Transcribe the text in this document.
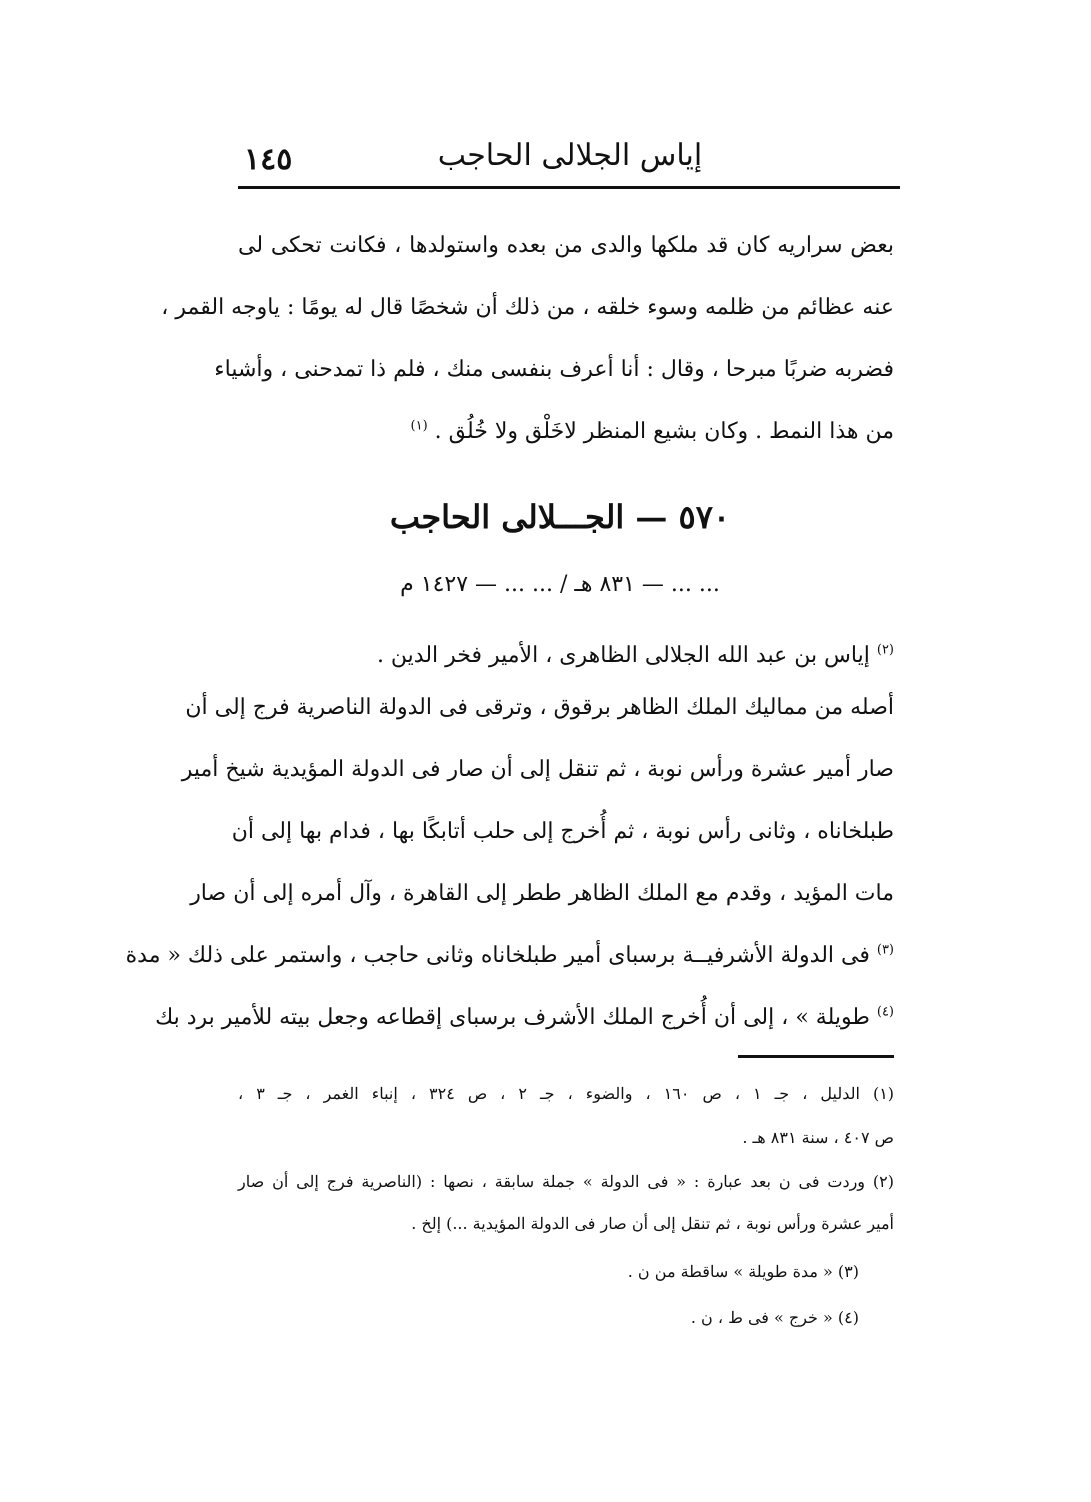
إياس الجلالى الحاجب
١٤٥
بعض سراريه كان قد ملكها والدى من بعده واستولدها ، فكانت تحكى لى
عنه عظائم من ظلمه وسوء خلقه ، من ذلك أن شخصًا قال له يومًا : ياوجه القمر ،
فضربه ضربًا مبرحا ، وقال : أنا أعرف بنفسى منك ، فلم ذا تمدحنى ، وأشياء
من هذا النمط . وكان بشيع المنظر لاخَلْق ولا خُلُق . $^{(١)}$
٥٧٠ — الجـــلالى الحاجب
... ... — ٨٣١ هـ / ... ... — ١٤٢٧ م
$^{(٢)}$ إياس بن عبد الله الجلالى الظاهرى ، الأمير فخر الدين .
أصله من مماليك الملك الظاهر برقوق ، وترقى فى الدولة الناصرية فرج إلى أن
صار أمير عشرة ورأس نوبة ، ثم تنقل إلى أن صار فى الدولة المؤيدية شيخ أمير
طبلخاناه ، وثانى رأس نوبة ، ثم أُخرج إلى حلب أتابكًا بها ، فدام بها إلى أن
مات المؤيد ، وقدم مع الملك الظاهر ططر إلى القاهرة ، وآل أمره إلى أن صار
$^{(٣)}$ فى الدولة الأشرفيــة برسباى أمير طبلخاناه وثانى حاجب ، واستمر على ذلك « مدة
$^{(٤)}$ طويلة » ، إلى أن أُخرج الملك الأشرف برسباى إقطاعه وجعل بيته للأمير برد بك
(١) الدليل ، جـ ١ ، ص ١٦٠ ، والضوء ، جـ ٢ ، ص ٣٢٤ ، إنباء الغمر ، جـ ٣ ،
ص ٤٠٧ ، سنة ٨٣١ هـ .
(٢) وردت فى ن بعد عبارة : « فى الدولة » جملة سابقة ، نصها : (الناصرية فرج إلى أن صار
أمير عشرة ورأس نوبة ، ثم تنقل إلى أن صار فى الدولة المؤيدية ...) إلخ .
(٣) « مدة طويلة » ساقطة من ن .
(٤) « خرج » فى ط ، ن .
